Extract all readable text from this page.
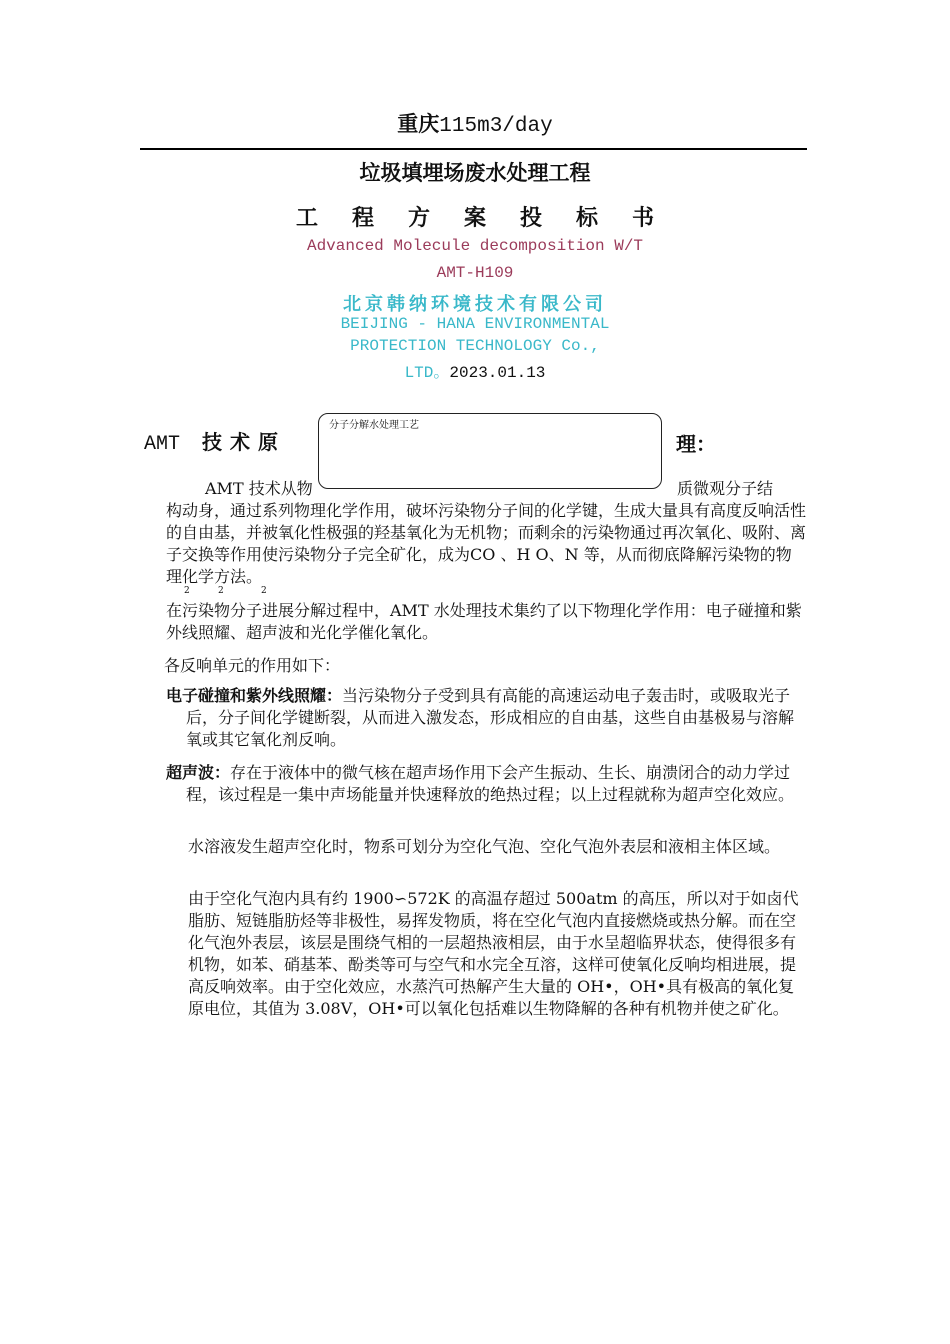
重庆115m3/day
垃圾填埋场废水处理工程
工 程 方 案 投 标 书
Advanced Molecule decomposition W/T
AMT-H109
北京韩纳环境技术有限公司
BEIJING - HANA ENVIRONMENTAL
PROTECTION TECHNOLOGY Co.,
LTD。2023.01.13
AMT 技 术 原	理：
分子分解水处理工艺
AMT 技术从物	质微观分子结
构动身，通过系列物理化学作用，破坏污染物分子间的化学键，生成大量具有高度反响活性的自由基，并被氧化性极强的羟基氧化为无机物；而剩余的污染物通过再次氧化、吸附、离子交换等作用使污染物分子完全矿化，成为CO 、H O、N 等，从而彻底降解污染物的物理化学方法。
2	2	2
在污染物分子进展分解过程中，AMT 水处理技术集约了以下物理化学作用：电子碰撞和紫外线照耀、超声波和光化学催化氧化。
各反响单元的作用如下：
电子碰撞和紫外线照耀：当污染物分子受到具有高能的高速运动电子轰击时，或吸取光子后，分子间化学键断裂，从而进入激发态，形成相应的自由基，这些自由基极易与溶解氧或其它氧化剂反响。
超声波：存在于液体中的微气核在超声场作用下会产生振动、生长、崩溃闭合的动力学过程，该过程是一集中声场能量并快速释放的绝热过程；以上过程就称为超声空化效应。
水溶液发生超声空化时，物系可划分为空化气泡、空化气泡外表层和液相主体区域。
由于空化气泡内具有约 1900∽572K 的高温存超过 500atm 的高压，所以对于如卤代脂肪、短链脂肪烃等非极性，易挥发物质，将在空化气泡内直接燃烧或热分解。而在空化气泡外表层，该层是围绕气相的一层超热液相层，由于水呈超临界状态，使得很多有机物，如苯、硝基苯、酚类等可与空气和水完全互溶，这样可使氧化反响均相进展，提高反响效率。由于空化效应，水蒸汽可热解产生大量的 OH•，OH•具有极高的氧化复原电位，其值为 3.08V，OH•可以氧化包括难以生物降解的各种有机物并使之矿化。
